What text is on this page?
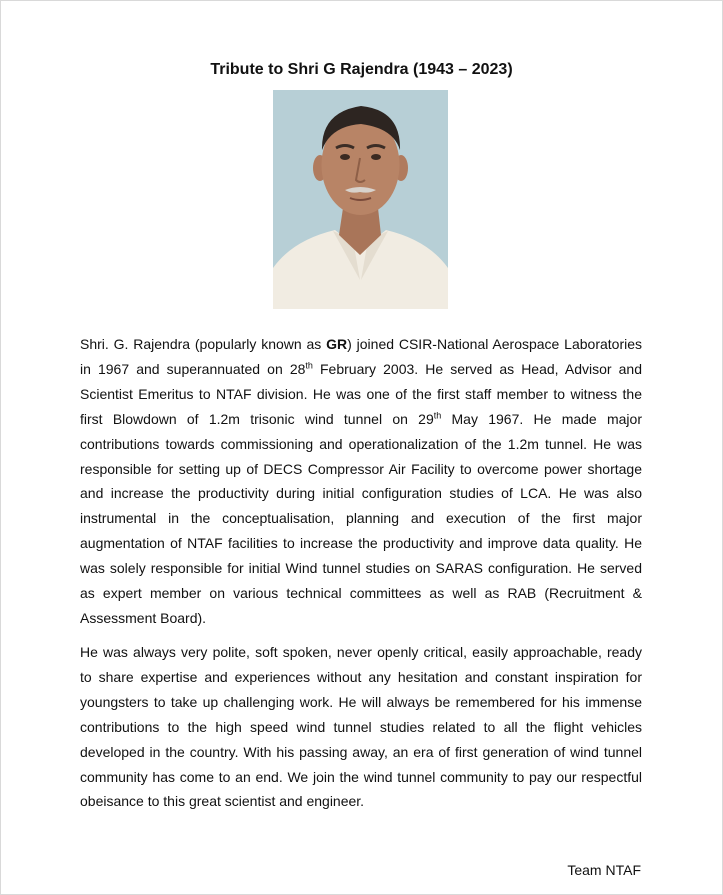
Tribute to Shri G Rajendra (1943 – 2023)

Shri. G. Rajendra (popularly known as GR) joined CSIR-National Aerospace Laboratories in 1967 and superannuated on 28th February 2003. He served as Head, Advisor and Scientist Emeritus to NTAF division. He was one of the first staff member to witness the first Blowdown of 1.2m trisonic wind tunnel on 29th May 1967. He made major contributions towards commissioning and operationalization of the 1.2m tunnel. He was responsible for setting up of DECS Compressor Air Facility to overcome power shortage and increase the productivity during initial configuration studies of LCA. He was also instrumental in the conceptualisation, planning and execution of the first major augmentation of NTAF facilities to increase the productivity and improve data quality. He was solely responsible for initial Wind tunnel studies on SARAS configuration. He served as expert member on various technical committees as well as RAB (Recruitment & Assessment Board).

He was always very polite, soft spoken, never openly critical, easily approachable, ready to share expertise and experiences without any hesitation and constant inspiration for youngsters to take up challenging work. He will always be remembered for his immense contributions to the high speed wind tunnel studies related to all the flight vehicles developed in the country. With his passing away, an era of first generation of wind tunnel community has come to an end. We join the wind tunnel community to pay our respectful obeisance to this great scientist and engineer.

Team NTAF
